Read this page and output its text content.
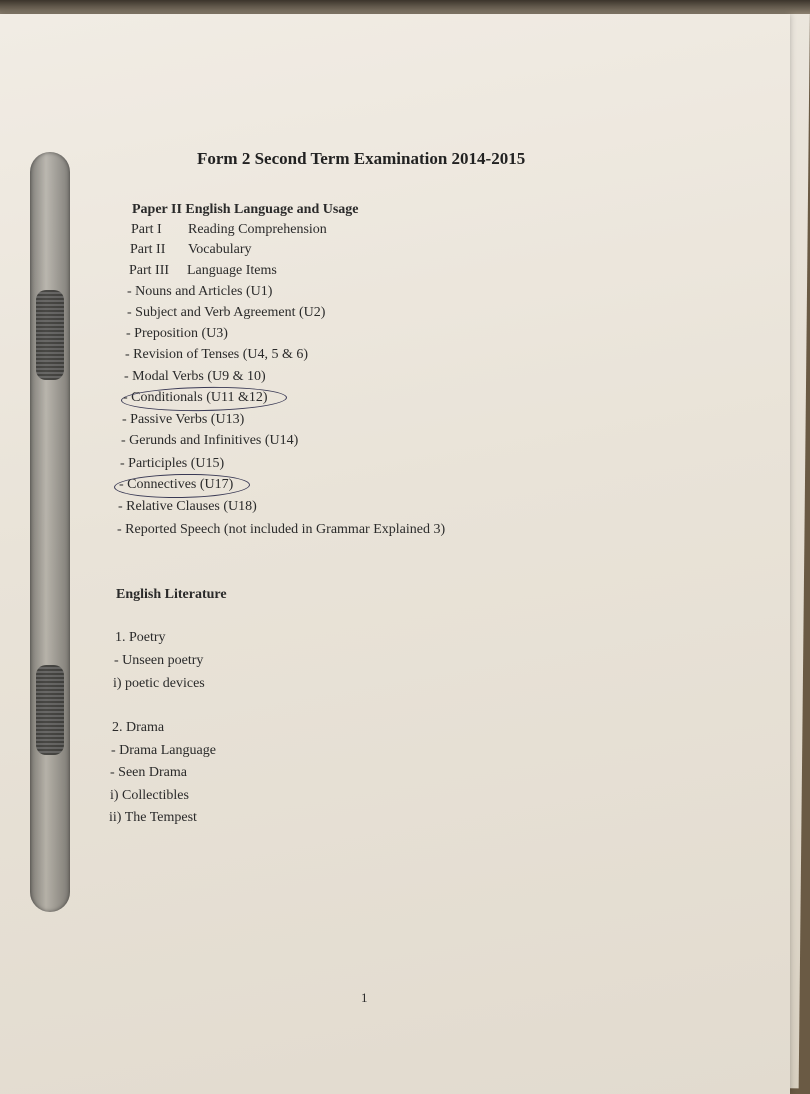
Form 2 Second Term Examination 2014-2015
Paper II English Language and Usage
Part I Reading Comprehension
Part II Vocabulary
Part III Language Items
- Nouns and Articles (U1)
- Subject and Verb Agreement (U2)
- Preposition (U3)
- Revision of Tenses (U4, 5 & 6)
- Modal Verbs (U9 & 10)
- Conditionals (U11 &12)
- Passive Verbs (U13)
- Gerunds and Infinitives (U14)
- Participles (U15)
- Connectives (U17)
- Relative Clauses (U18)
- Reported Speech (not included in Grammar Explained 3)
English Literature
1. Poetry
- Unseen poetry
i) poetic devices
2. Drama
- Drama Language
- Seen Drama
i) Collectibles
ii) The Tempest
1
